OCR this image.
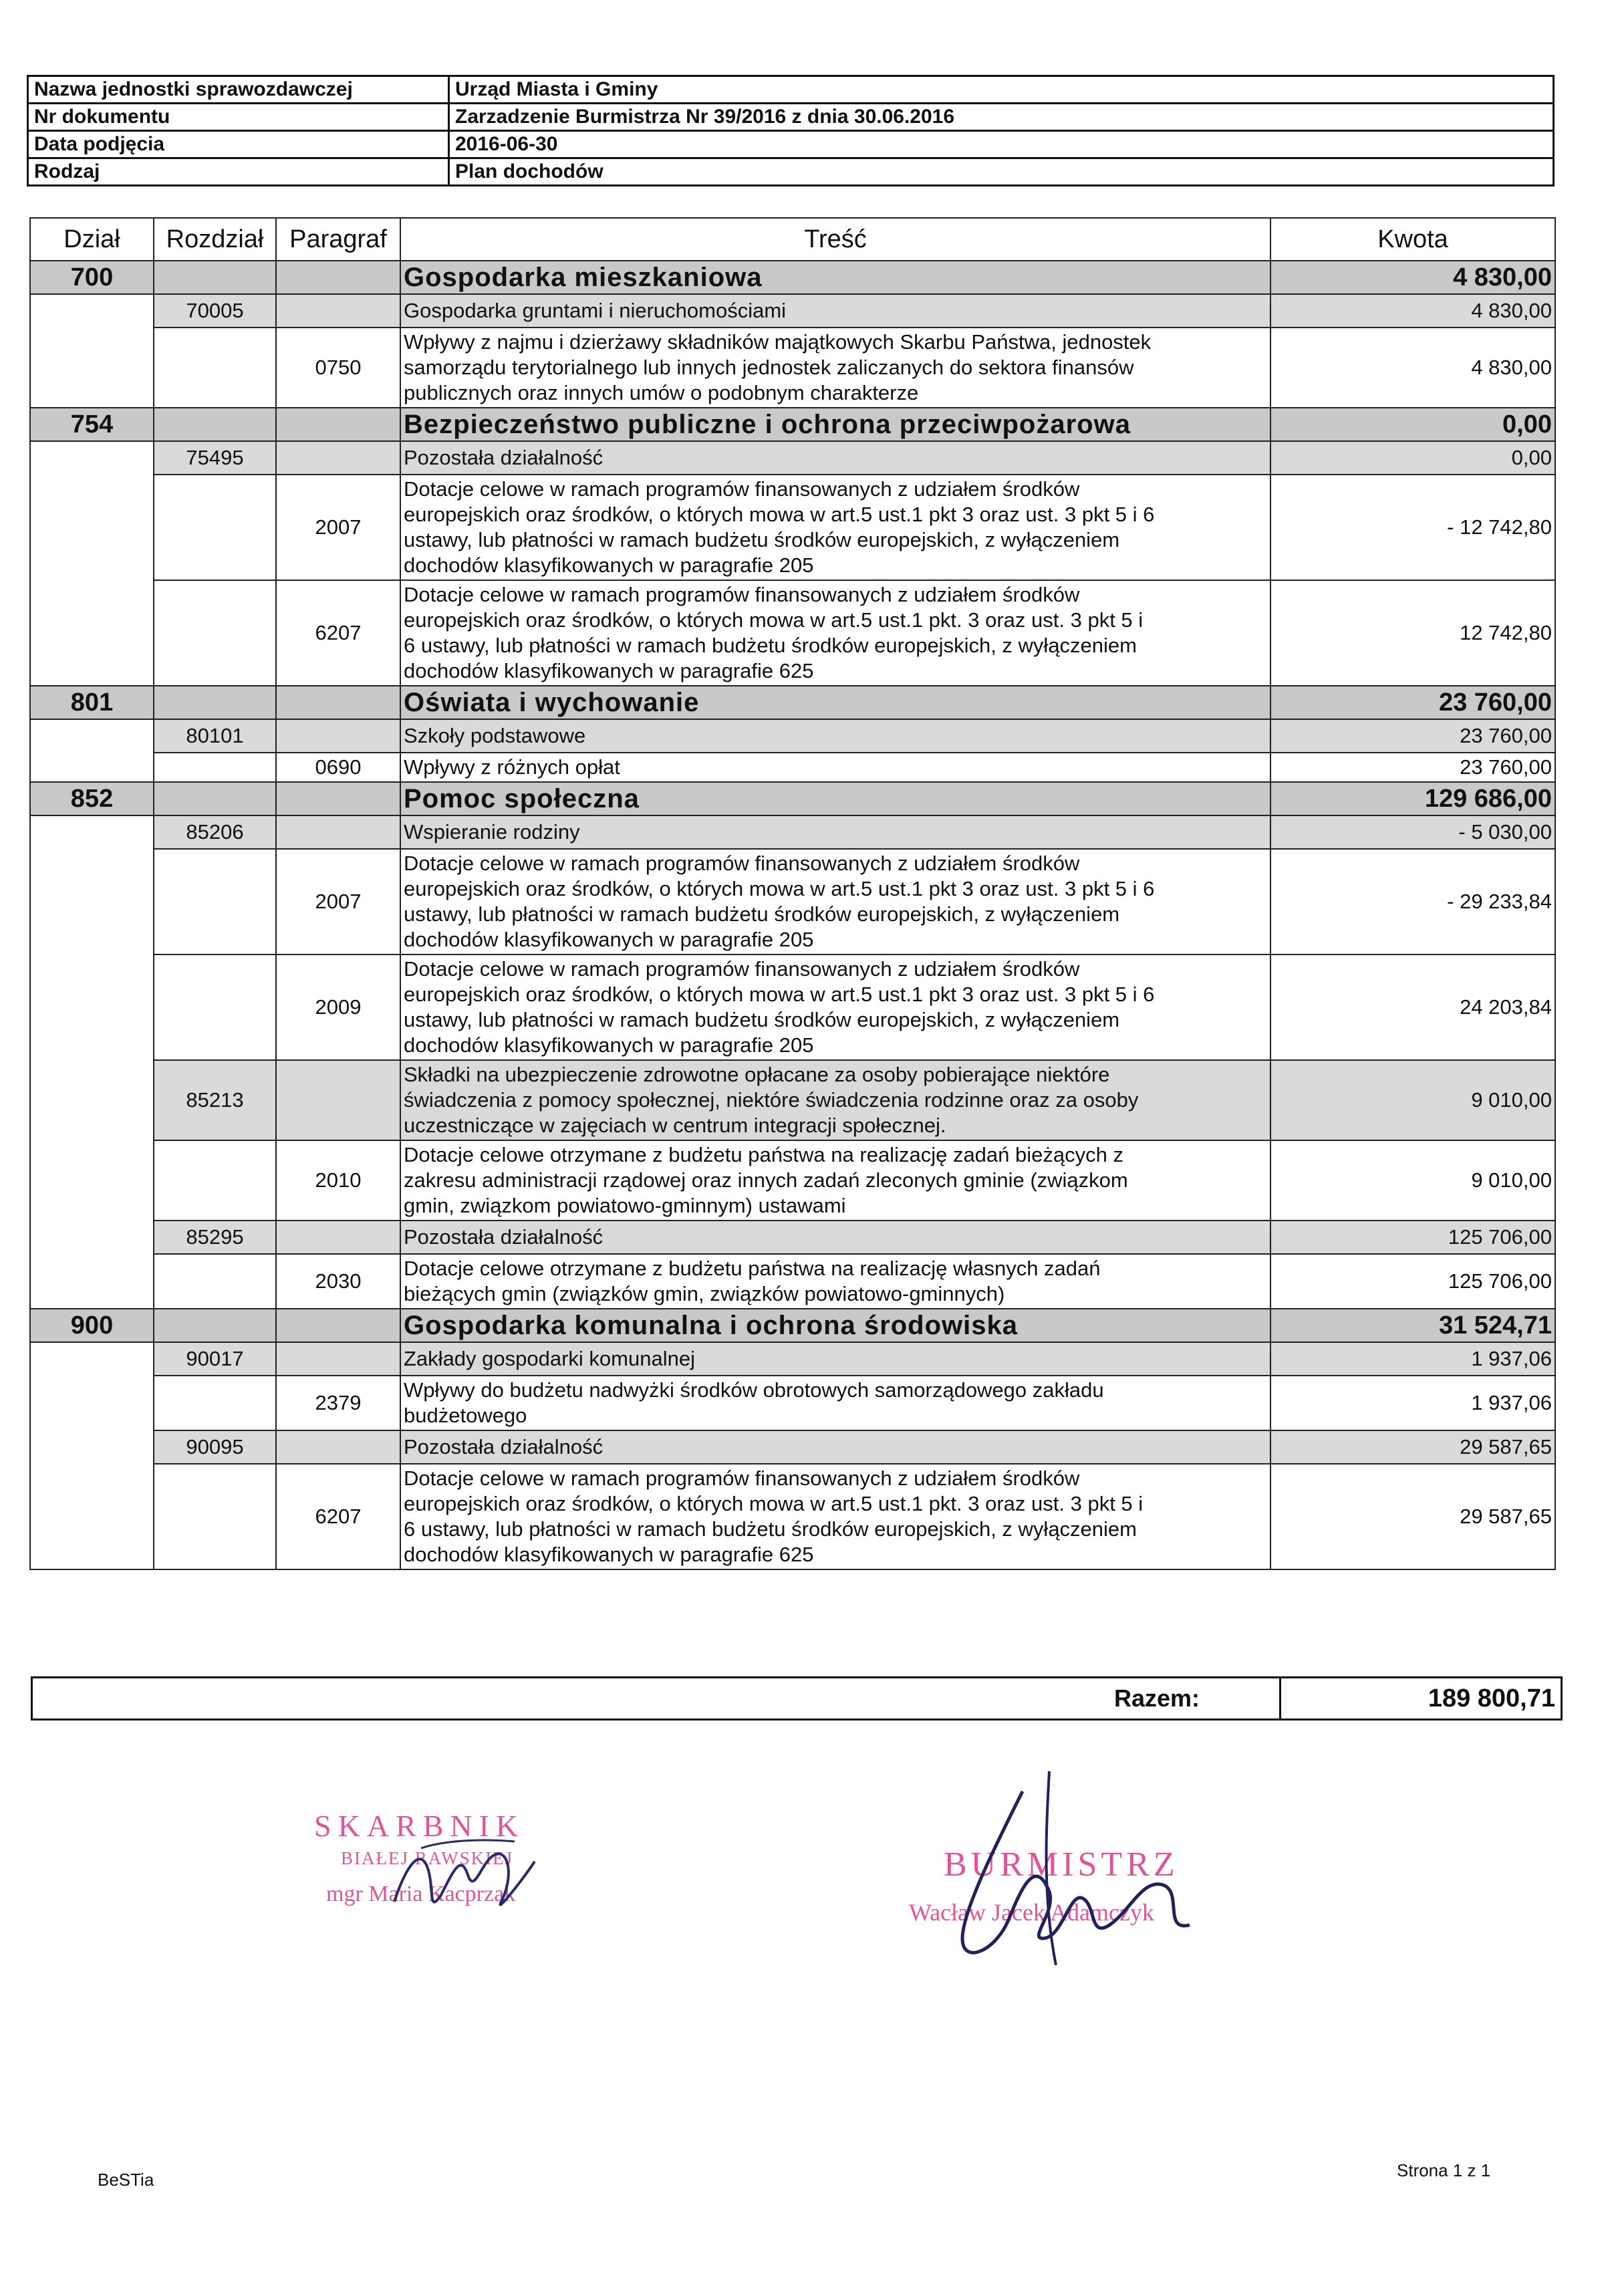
Nazwa jednostki sprawozdawczej	Urząd Miasta i Gminy
Nr dokumentu	Zarzadzenie Burmistrza Nr 39/2016 z dnia 30.06.2016
Data podjęcia	2016-06-30
Rodzaj	Plan dochodów
Dział	Rozdział	Paragraf	Treść	Kwota
700			Gospodarka mieszkaniowa	4 830,00
	70005		Gospodarka gruntami i nieruchomościami	4 830,00
		0750	Wpływy z najmu i dzierżawy składników majątkowych Skarbu Państwa, jednostek
samorządu terytorialnego lub innych jednostek zaliczanych do sektora finansów
publicznych oraz innych umów o podobnym charakterze	4 830,00
754			Bezpieczeństwo publiczne i ochrona przeciwpożarowa	0,00
	75495		Pozostała działalność	0,00
		2007	Dotacje celowe w ramach programów finansowanych z udziałem środków
europejskich oraz środków, o których mowa w art.5 ust.1 pkt 3 oraz ust. 3 pkt 5 i 6
ustawy, lub płatności w ramach budżetu środków europejskich, z wyłączeniem
dochodów klasyfikowanych w paragrafie 205	- 12 742,80
		6207	Dotacje celowe w ramach programów finansowanych z udziałem środków
europejskich oraz środków, o których mowa w art.5 ust.1 pkt. 3 oraz ust. 3 pkt 5 i
6 ustawy, lub płatności w ramach budżetu środków europejskich, z wyłączeniem
dochodów klasyfikowanych w paragrafie 625	12 742,80
801			Oświata i wychowanie	23 760,00
	80101		Szkoły podstawowe	23 760,00
		0690	Wpływy z różnych opłat	23 760,00
852			Pomoc społeczna	129 686,00
	85206		Wspieranie rodziny	- 5 030,00
		2007	Dotacje celowe w ramach programów finansowanych z udziałem środków
europejskich oraz środków, o których mowa w art.5 ust.1 pkt 3 oraz ust. 3 pkt 5 i 6
ustawy, lub płatności w ramach budżetu środków europejskich, z wyłączeniem
dochodów klasyfikowanych w paragrafie 205	- 29 233,84
		2009	Dotacje celowe w ramach programów finansowanych z udziałem środków
europejskich oraz środków, o których mowa w art.5 ust.1 pkt 3 oraz ust. 3 pkt 5 i 6
ustawy, lub płatności w ramach budżetu środków europejskich, z wyłączeniem
dochodów klasyfikowanych w paragrafie 205	24 203,84
	85213		Składki na ubezpieczenie zdrowotne opłacane za osoby pobierające niektóre
świadczenia z pomocy społecznej, niektóre świadczenia rodzinne oraz za osoby
uczestniczące w zajęciach w centrum integracji społecznej.	9 010,00
		2010	Dotacje celowe otrzymane z budżetu państwa na realizację zadań bieżących z
zakresu administracji rządowej oraz innych zadań zleconych gminie (związkom
gmin, związkom powiatowo-gminnym) ustawami	9 010,00
	85295		Pozostała działalność	125 706,00
		2030	Dotacje celowe otrzymane z budżetu państwa na realizację własnych zadań
bieżących gmin (związków gmin, związków powiatowo-gminnych)	125 706,00
900			Gospodarka komunalna i ochrona środowiska	31 524,71
	90017		Zakłady gospodarki komunalnej	1 937,06
		2379	Wpływy do budżetu nadwyżki środków obrotowych samorządowego zakładu
budżetowego	1 937,06
	90095		Pozostała działalność	29 587,65
		6207	Dotacje celowe w ramach programów finansowanych z udziałem środków
europejskich oraz środków, o których mowa w art.5 ust.1 pkt. 3 oraz ust. 3 pkt 5 i
6 ustawy, lub płatności w ramach budżetu środków europejskich, z wyłączeniem
dochodów klasyfikowanych w paragrafie 625	29 587,65
Razem:	189 800,71
SKARBNIK
BIAŁEJ RAWSKIEJ
mgr Maria Kacprzak
BURMISTRZ
Wacław Jacek Adamczyk
BeSTia	Strona 1 z 1
